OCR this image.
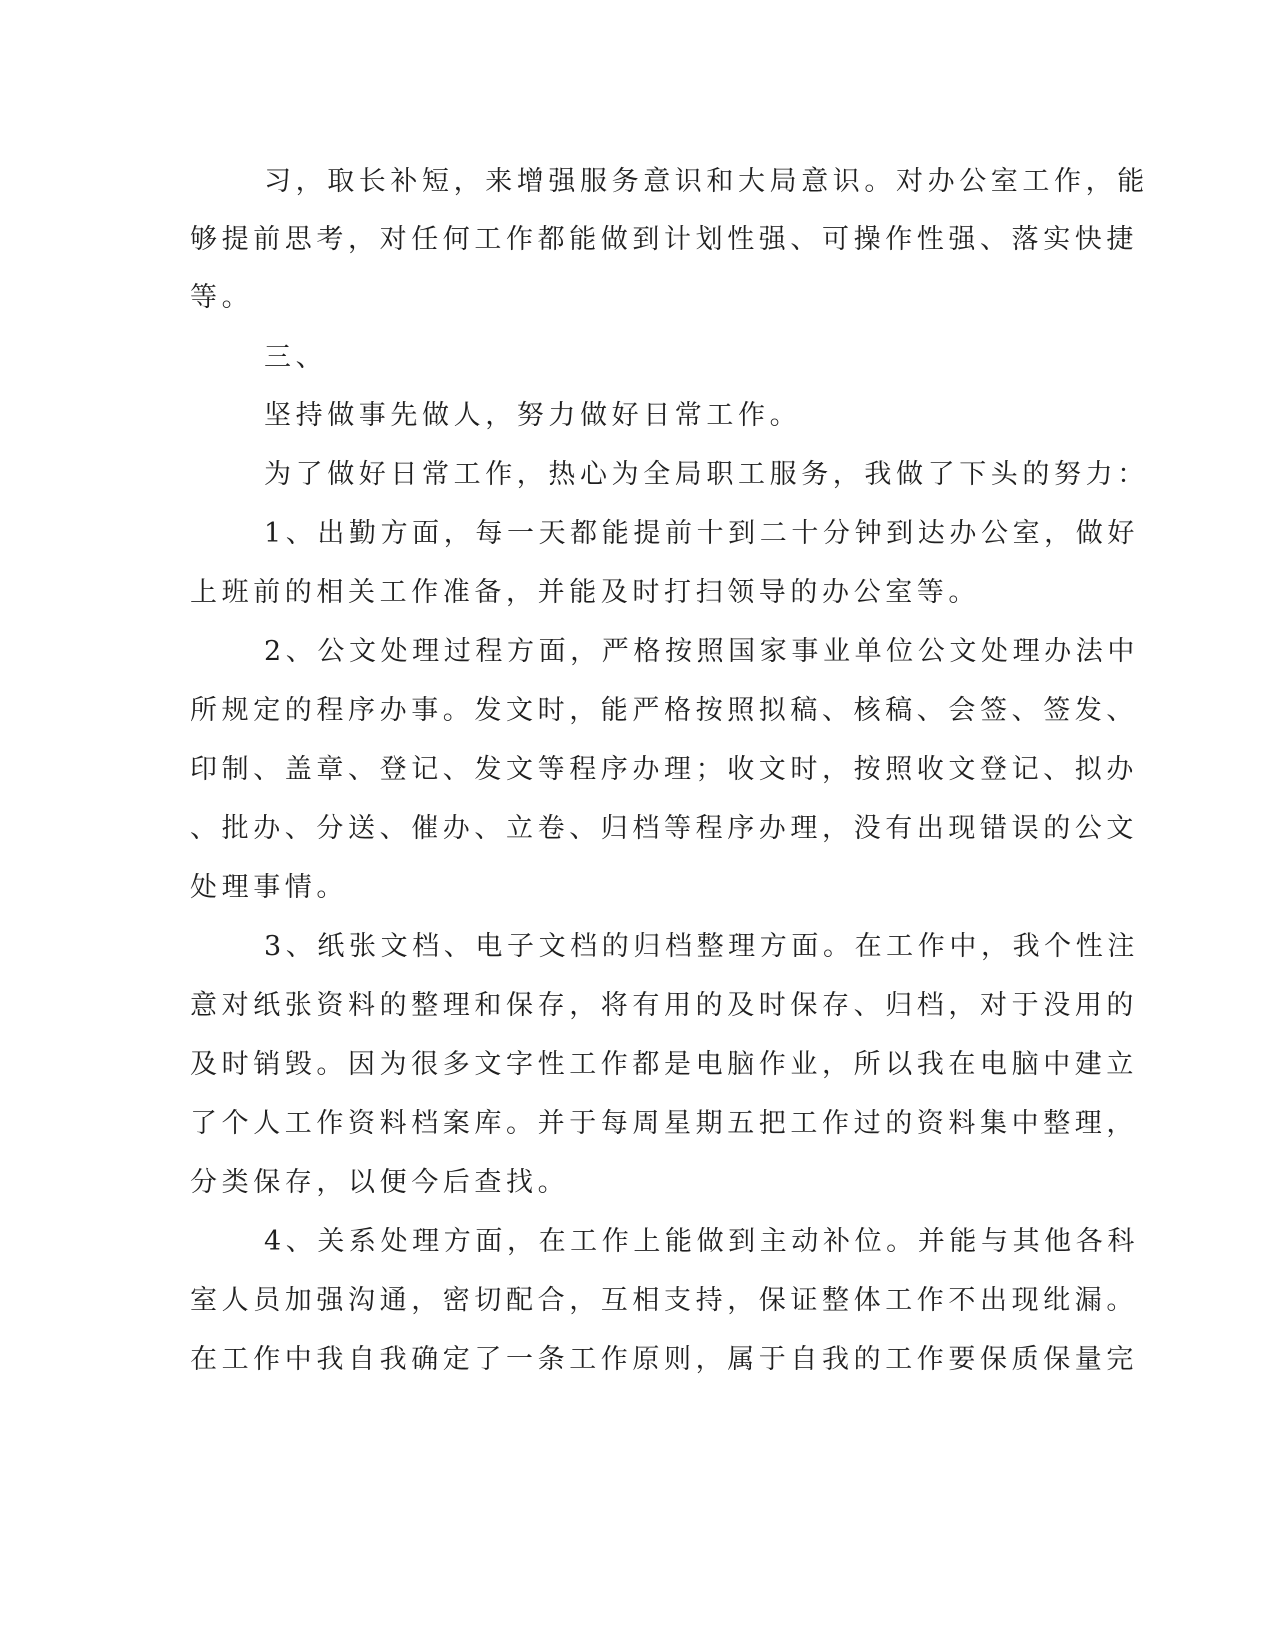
习，取长补短，来增强服务意识和大局意识。对办公室工作，能
够提前思考，对任何工作都能做到计划性强、可操作性强、落实快捷
等。
三、
坚持做事先做人，努力做好日常工作。
为了做好日常工作，热心为全局职工服务，我做了下头的努力：
1、出勤方面，每一天都能提前十到二十分钟到达办公室，做好
上班前的相关工作准备，并能及时打扫领导的办公室等。
2、公文处理过程方面，严格按照国家事业单位公文处理办法中
所规定的程序办事。发文时，能严格按照拟稿、核稿、会签、签发、
印制、盖章、登记、发文等程序办理；收文时，按照收文登记、拟办
、批办、分送、催办、立卷、归档等程序办理，没有出现错误的公文
处理事情。
3、纸张文档、电子文档的归档整理方面。在工作中，我个性注
意对纸张资料的整理和保存，将有用的及时保存、归档，对于没用的
及时销毁。因为很多文字性工作都是电脑作业，所以我在电脑中建立
了个人工作资料档案库。并于每周星期五把工作过的资料集中整理，
分类保存，以便今后查找。
4、关系处理方面，在工作上能做到主动补位。并能与其他各科
室人员加强沟通，密切配合，互相支持，保证整体工作不出现纰漏。
在工作中我自我确定了一条工作原则，属于自我的工作要保质保量完
